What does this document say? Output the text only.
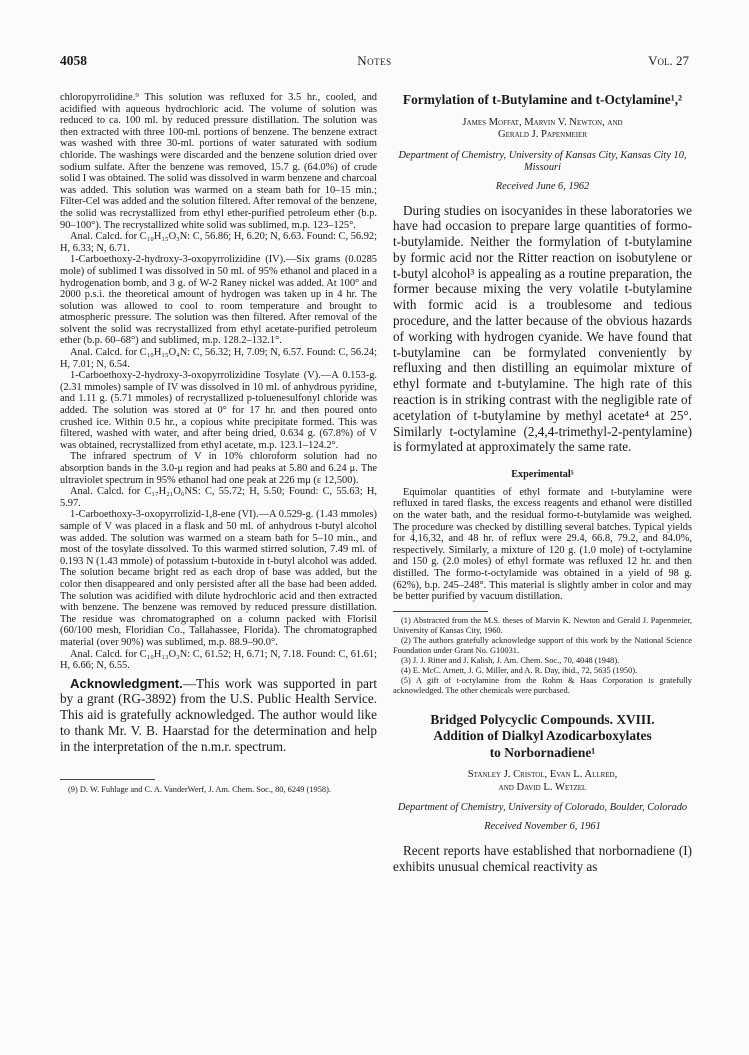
4058	Notes	Vol. 27

chloropyrrolidine.⁹ This solution was refluxed for 3.5 hr., cooled, and acidified with aqueous hydrochloric acid. The volume of solution was reduced to ca. 100 ml. by reduced pressure distillation. The solution was then extracted with three 100-ml. portions of benzene. The benzene extract was washed with three 30-ml. portions of water saturated with sodium chloride. The washings were discarded and the benzene solution dried over sodium sulfate. After the benzene was removed, 15.7 g. (64.0%) of crude solid I was obtained. The solid was dissolved in warm benzene and charcoal was added. This solution was warmed on a steam bath for 10–15 min.; Filter-Cel was added and the solution filtered. After removal of the benzene, the solid was recrystallized from ethyl ether-purified petroleum ether (b.p. 90–100°). The recrystallized white solid was sublimed, m.p. 123–125°.

Anal. Calcd. for C₁₀H₁₅O₃N: C, 56.86; H, 6.20; N, 6.63. Found: C, 56.92; H, 6.33; N, 6.71.

1-Carboethoxy-2-hydroxy-3-oxopyrrolizidine (IV).—Six grams (0.0285 mole) of sublimed I was dissolved in 50 ml. of 95% ethanol and placed in a hydrogenation bomb, and 3 g. of W-2 Raney nickel was added. At 100° and 2000 p.s.i. the theoretical amount of hydrogen was taken up in 4 hr. The solution was allowed to cool to room temperature and brought to atmospheric pressure. The solution was then filtered. After removal of the solvent the solid was recrystallized from ethyl acetate-purified petroleum ether (b.p. 60–68°) and sublimed, m.p. 128.2–132.1°.

Anal. Calcd. for C₁₀H₁₅O₄N: C, 56.32; H, 7.09; N, 6.57. Found: C, 56.24; H, 7.01; N, 6.54.

1-Carboethoxy-2-hydroxy-3-oxopyrrolizidine Tosylate (V).—A 0.153-g. (2.31 mmoles) sample of IV was dissolved in 10 ml. of anhydrous pyridine, and 1.11 g. (5.71 mmoles) of recrystallized p-toluenesulfonyl chloride was added. The solution was stored at 0° for 17 hr. and then poured onto crushed ice. Within 0.5 hr., a copious white precipitate formed. This was filtered, washed with water, and after being dried, 0.634 g. (67.8%) of V was obtained, recrystallized from ethyl acetate, m.p. 123.1–124.2°.

The infrared spectrum of V in 10% chloroform solution had no absorption bands in the 3.0-μ region and had peaks at 5.80 and 6.24 μ. The ultraviolet spectrum in 95% ethanol had one peak at 226 mμ (ε 12,500).

Anal. Calcd. for C₁₇H₂₁O₆NS: C, 55.72; H, 5.50; Found: C, 55.63; H, 5.97.

1-Carboethoxy-3-oxopyrrolizid-1,8-ene (VI).—A 0.529-g. (1.43 mmoles) sample of V was placed in a flask and 50 ml. of anhydrous t-butyl alcohol was added. The solution was warmed on a steam bath for 5–10 min., and most of the tosylate dissolved. To this warmed stirred solution, 7.49 ml. of 0.193 N (1.43 mmole) of potassium t-butoxide in t-butyl alcohol was added. The solution became bright red as each drop of base was added, but the color then disappeared and only persisted after all the base had been added. The solution was acidified with dilute hydrochloric acid and then extracted with benzene. The benzene was removed by reduced pressure distillation. The residue was chromatographed on a column packed with Florisil (60/100 mesh, Floridian Co., Tallahassee, Florida). The chromatographed material (over 90%) was sublimed, m.p. 88.9–90.0°.

Anal. Calcd. for C₁₀H₁₃O₃N: C, 61.52; H, 6.71; N, 7.18. Found: C, 61.61; H, 6.66; N, 6.55.

Acknowledgment.—This work was supported in part by a grant (RG-3892) from the U.S. Public Health Service. This aid is gratefully acknowledged. The author would like to thank Mr. V. B. Haarstad for the determination and help in the interpretation of the n.m.r. spectrum.

(9) D. W. Fuhlage and C. A. VanderWerf, J. Am. Chem. Soc., 80, 6249 (1958).

Formylation of t-Butylamine and t-Octylamine¹,²

James Moffat, Marvin V. Newton, and
Gerald J. Papenmeier

Department of Chemistry, University of Kansas City, Kansas City 10, Missouri

Received June 6, 1962

During studies on isocyanides in these laboratories we have had occasion to prepare large quantities of formo-t-butylamide. Neither the formylation of t-butylamine by formic acid nor the Ritter reaction on isobutylene or t-butyl alcohol³ is appealing as a routine preparation, the former because mixing the very volatile t-butylamine with formic acid is a troublesome and tedious procedure, and the latter because of the obvious hazards of working with hydrogen cyanide. We have found that t-butylamine can be formylated conveniently by refluxing and then distilling an equimolar mixture of ethyl formate and t-butylamine. The high rate of this reaction is in striking contrast with the negligible rate of acetylation of t-butylamine by methyl acetate⁴ at 25°. Similarly t-octylamine (2,4,4-trimethyl-2-pentylamine) is formylated at approximately the same rate.

Experimental⁵

Equimolar quantities of ethyl formate and t-butylamine were refluxed in tared flasks, the excess reagents and ethanol were distilled on the water bath, and the residual formo-t-butylamide was weighed. The procedure was checked by distilling several batches. Typical yields for 4,16,32, and 48 hr. of reflux were 29.4, 66.8, 79.2, and 84.0%, respectively. Similarly, a mixture of 120 g. (1.0 mole) of t-octylamine and 150 g. (2.0 moles) of ethyl formate was refluxed 12 hr. and then distilled. The formo-t-octylamide was obtained in a yield of 98 g. (62%), b.p. 245–248°. This material is slightly amber in color and may be better purified by vacuum distillation.

(1) Abstracted from the M.S. theses of Marvin K. Newton and Gerald J. Papenmeier, University of Kansas City, 1960.

(2) The authors gratefully acknowledge support of this work by the National Science Foundation under Grant No. G10031.

(3) J. J. Ritter and J. Kalish, J. Am. Chem. Soc., 70, 4048 (1948).

(4) E. McC. Arnett, J. G. Miller, and A. R. Day, ibid., 72, 5635 (1950).

(5) A gift of t-octylamine from the Rohm & Haas Corporation is gratefully acknowledged. The other chemicals were purchased.

Bridged Polycyclic Compounds. XVIII.
Addition of Dialkyl Azodicarboxylates
to Norbornadiene¹

Stanley J. Cristol, Evan L. Allred,
and David L. Wetzel

Department of Chemistry, University of Colorado, Boulder, Colorado

Received November 6, 1961

Recent reports have established that norbornadiene (I) exhibits unusual chemical reactivity as
